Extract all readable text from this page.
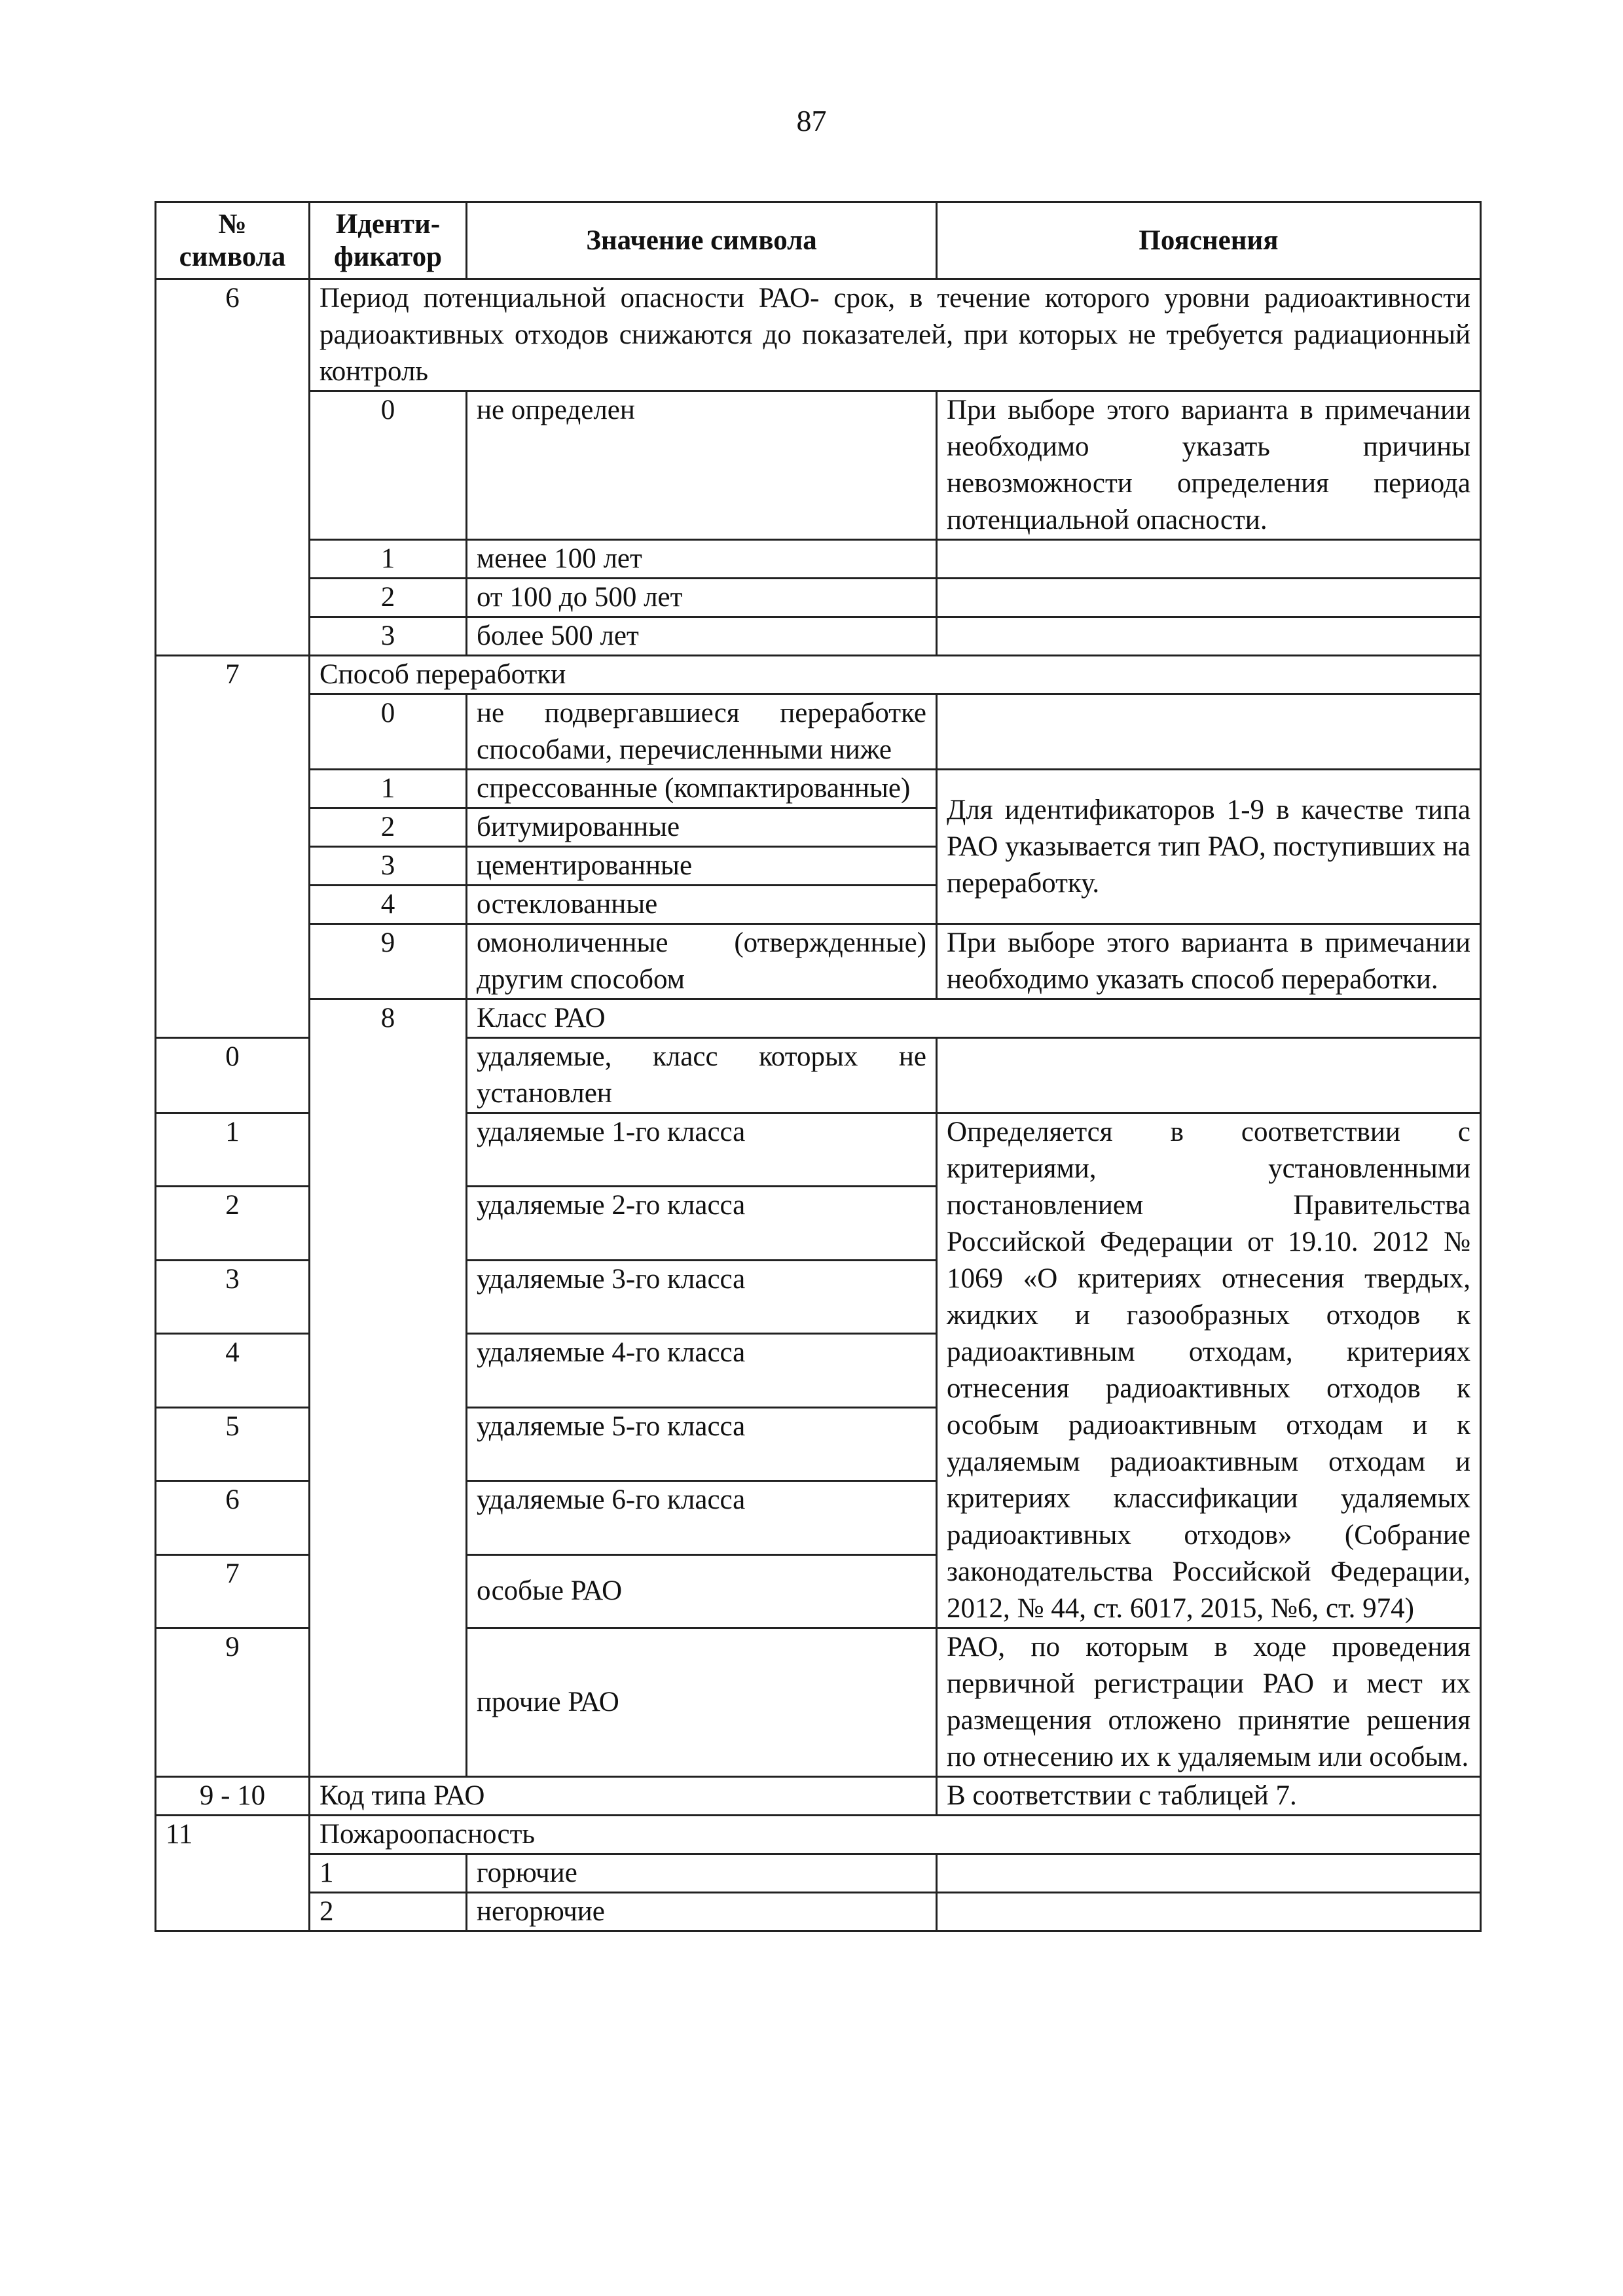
87
№ символа	Иденти-фикатор	Значение символа	Пояснения
6	Период потенциальной опасности РАО- срок, в течение которого уровни радиоактивности радиоактивных отходов снижаются до показателей, при которых не требуется радиационный контроль		
	0	не определен	При выборе этого варианта в примечании необходимо указать причины невозможности определения периода потенциальной опасности.
	1	менее 100 лет	
	2	от 100 до 500 лет	
	3	более 500 лет	
7	Способ переработки		
	0	не подвергавшиеся переработке способами, перечисленными ниже	
	1	спрессованные (компактированные)	Для идентификаторов 1-9 в качестве типа РАО указывается тип РАО, поступивших на переработку.
	2	битумированные	
	3	цементированные	
	4	остеклованные	
	9	омоноличенные (отвержденные) другим способом	При выборе этого варианта в примечании необходимо указать способ переработки.
	8	Класс РАО	
0		удаляемые, класс которых не установлен	
1		удаляемые 1-го класса	Определяется в соответствии с критериями, установленными постановлением Правительства Российской Федерации от 19.10. 2012 № 1069 «О критериях отнесения твердых, жидких и газообразных отходов к радиоактивным отходам, критериях отнесения радиоактивных отходов к особым радиоактивным отходам и к удаляемым радиоактивным отходам и критериях классификации удаляемых радиоактивных отходов» (Собрание законодательства Российской Федерации, 2012, № 44, ст. 6017, 2015, №6, ст. 974)
2		удаляемые 2-го класса	
3		удаляемые 3-го класса	
4		удаляемые 4-го класса	
5		удаляемые 5-го класса	
6		удаляемые 6-го класса	
7		особые РАО	
9		прочие РАО	РАО, по которым в ходе проведения первичной регистрации РАО и мест их размещения отложено принятие решения по отнесению их к удаляемым или особым.
9 - 10	Код типа РАО		В соответствии с таблицей 7.
11	Пожароопасность		
	1	горючие	
	2	негорючие	
